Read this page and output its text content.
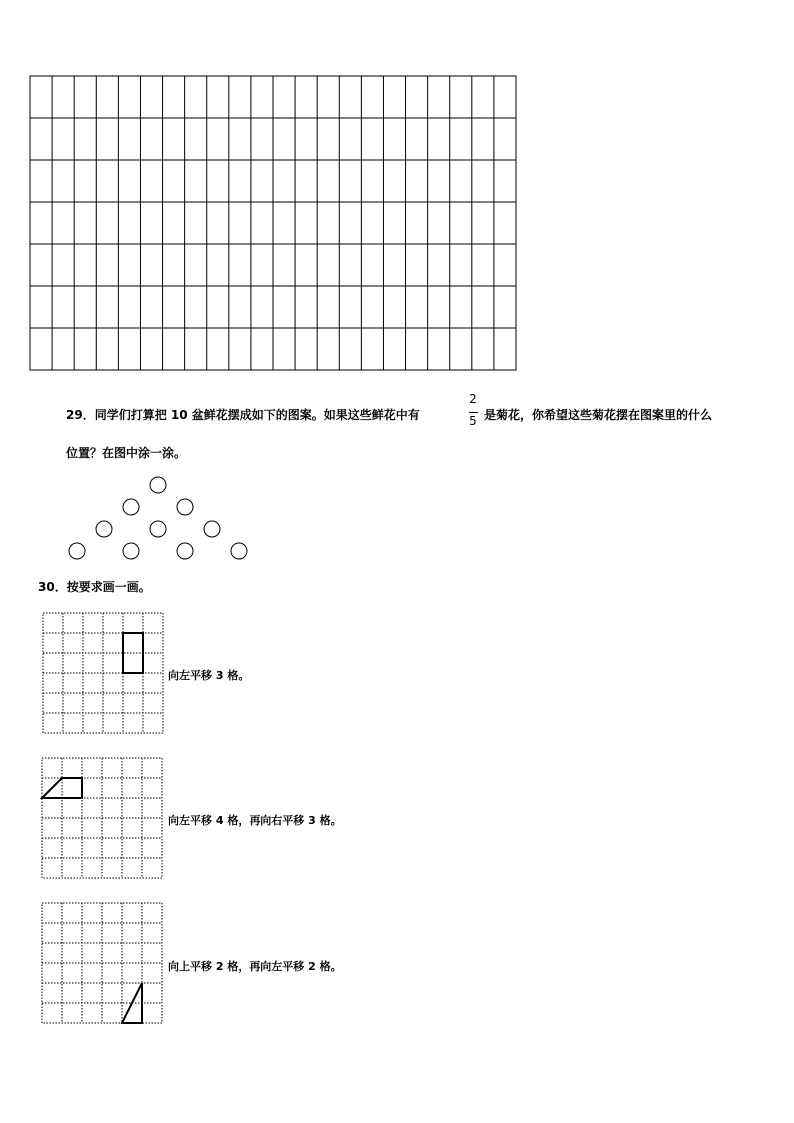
29．同学们打算把 10 盆鲜花摆成如下的图案。如果这些鲜花中有
2
5 是菊花，你希望这些菊花摆在图案里的什么
位置？在图中涂一涂。
30．按要求画一画。
向左平移 3 格。
向左平移 4 格，再向右平移 3 格。
向上平移 2 格，再向左平移 2 格。
